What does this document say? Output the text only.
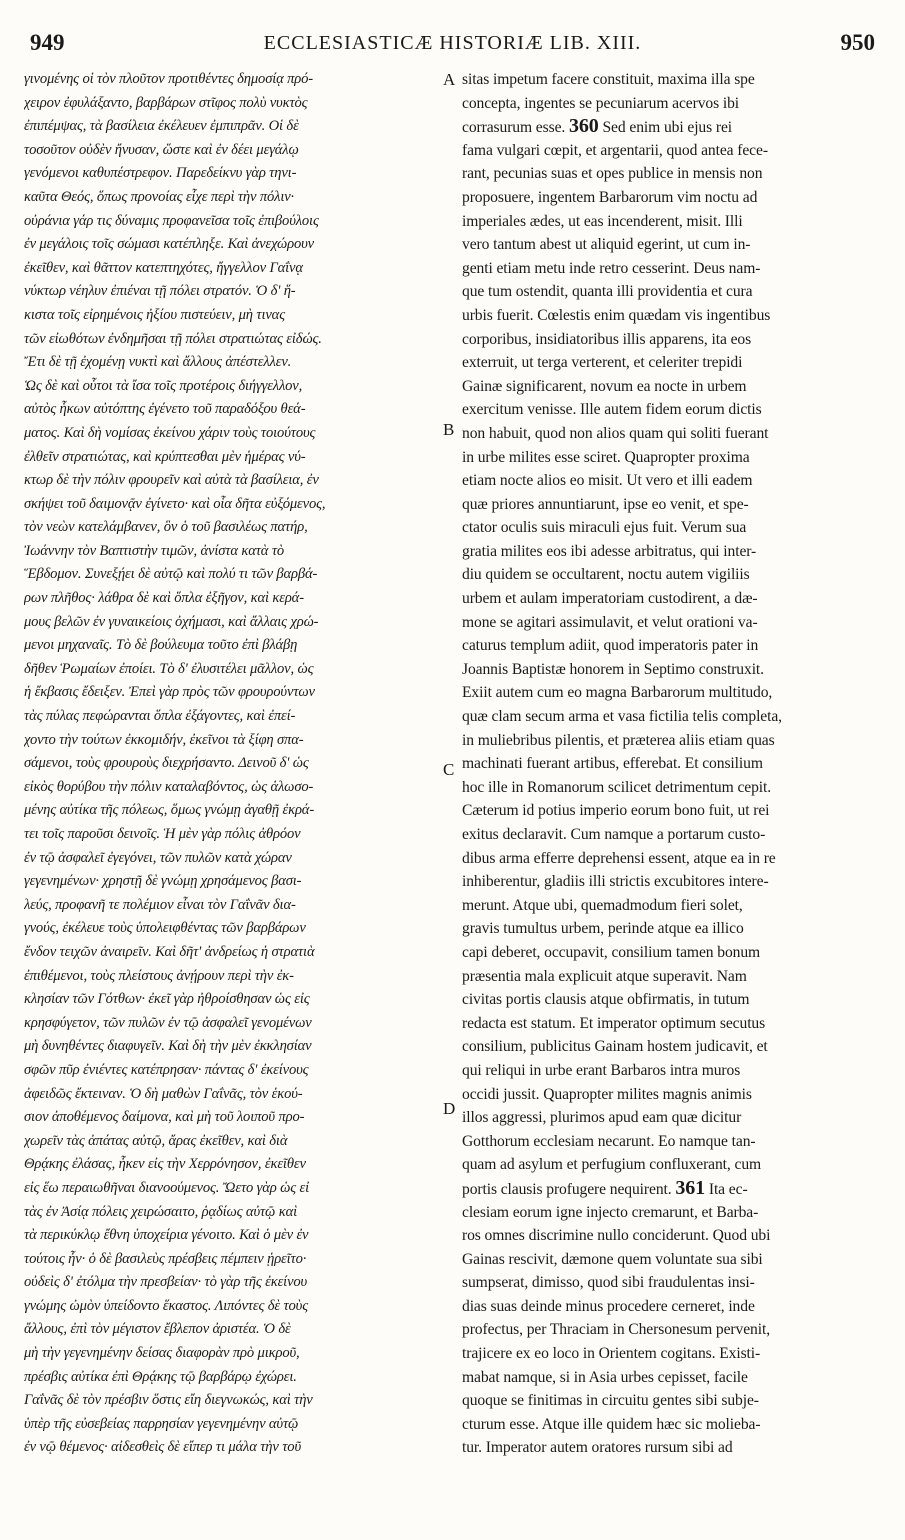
949	ECCLESIASTICÆ HISTORIÆ LIB. XIII.	950
γινομένης οἱ τὸν πλοῦτον προτιθέντες δημοσίᾳ πρό-
χειρον ἐφυλάξαντο, βαρβάρων στῖφος πολὺ νυκτὸς
ἐπιπέμψας, τὰ βασίλεια ἐκέλευεν ἐμπιπρᾶν. Οἱ δὲ
τοσοῦτον οὐδὲν ἤνυσαν, ὥστε καὶ ἐν δέει μεγάλῳ
γενόμενοι καθυπέστρεφον. Παρεδείκνυ γὰρ τηνι-
καῦτα Θεός, ὅπως προνοίας εἶχε περὶ τὴν πόλιν·
οὐράνια γάρ τις δύναμις προφανεῖσα τοῖς ἐπιβούλοις
ἐν μεγάλοις τοῖς σώμασι κατέπληξε. Καὶ ἀνεχώρουν
ἐκεῖθεν, καὶ θᾶττον κατεπτηχότες, ἤγγελλον Γαΐνᾳ
νύκτωρ νέηλυν ἐπιέναι τῇ πόλει στρατόν. Ὁ δ' ἥ-
κιστα τοῖς εἰρημένοις ἠξίου πιστεύειν, μὴ τινας
τῶν εἰωθότων ἐνδημῆσαι τῇ πόλει στρατιώτας εἰδώς.
Ἔτι δὲ τῇ ἐχομένῃ νυκτὶ καὶ ἄλλους ἀπέστελλεν.
Ὡς δὲ καὶ οὗτοι τὰ ἴσα τοῖς προτέροις διήγγελλον,
αὐτὸς ἧκων αὐτόπτης ἐγένετο τοῦ παραδόξου θεά-
ματος. Καὶ δὴ νομίσας ἐκείνου χάριν τοὺς τοιούτους
ἐλθεῖν στρατιώτας, καὶ κρύπτεσθαι μὲν ἡμέρας νύ-
κτωρ δὲ τὴν πόλιν φρουρεῖν καὶ αὐτὰ τὰ βασίλεια, ἐν
σκήψει τοῦ δαιμονᾷν ἐγίνετο· καὶ οἷα δῆτα εὐξόμενος,
τὸν νεὼν κατελάμβανεν, ὃν ὁ τοῦ βασιλέως πατήρ,
Ἰωάννην τὸν Βαπτιστὴν τιμῶν, ἀνίστα κατὰ τὸ
Ἕβδομον. Συνεξῄει δὲ αὐτῷ καὶ πολύ τι τῶν βαρβά-
ρων πλῆθος· λάθρα δὲ καὶ ὅπλα ἐξῆγον, καὶ κερά-
μους βελῶν ἐν γυναικείοις ὀχήμασι, καὶ ἄλλαις χρώ-
μενοι μηχαναῖς. Τὸ δὲ βούλευμα τοῦτο ἐπὶ βλάβῃ
δῆθεν Ῥωμαίων ἐποίει. Τὸ δ' ἐλυσιτέλει μᾶλλον, ὡς
ἡ ἔκβασις ἔδειξεν. Ἐπεὶ γὰρ πρὸς τῶν φρουρούντων
τὰς πύλας πεφώρανται ὅπλα ἐξάγοντες, καὶ ἐπεί-
χοντο τὴν τούτων ἐκκομιδήν, ἐκεῖνοι τὰ ξίφη σπα-
σάμενοι, τοὺς φρουροὺς διεχρήσαντο. Δεινοῦ δ' ὡς
εἰκὸς θορύβου τὴν πόλιν καταλαβόντος, ὡς ἁλωσο-
μένης αὐτίκα τῆς πόλεως, ὅμως γνώμῃ ἀγαθῇ ἐκρά-
τει τοῖς παροῦσι δεινοῖς. Ἡ μὲν γὰρ πόλις ἀθρόον
ἐν τῷ ἀσφαλεῖ ἐγεγόνει, τῶν πυλῶν κατὰ χώραν
γεγενημένων· χρηστῇ δὲ γνώμῃ χρησάμενος βασι-
λεύς, προφανῆ τε πολέμιον εἶναι τὸν Γαΐνᾶν δια-
γνούς, ἐκέλευε τοὺς ὑπολειφθέντας τῶν βαρβάρων
ἔνδον τειχῶν ἀναιρεῖν. Καὶ δῆτ' ἀνδρείως ἡ στρατιὰ
ἐπιθέμενοι, τοὺς πλείστους ἀνῄρουν περὶ τὴν ἐκ-
κλησίαν τῶν Γότθων· ἐκεῖ γὰρ ἠθροίσθησαν ὡς εἰς
κρησφύγετον, τῶν πυλῶν ἐν τῷ ἀσφαλεῖ γενομένων
μὴ δυνηθέντες διαφυγεῖν. Καὶ δὴ τὴν μὲν ἐκκλησίαν
σφῶν πῦρ ἐνιέντες κατέπρησαν· πάντας δ' ἐκείνους
ἀφειδῶς ἔκτειναν. Ὁ δὴ μαθὼν Γαΐνᾶς, τὸν ἑκού-
σιον ἀποθέμενος δαίμονα, καὶ μὴ τοῦ λοιποῦ προ-
χωρεῖν τὰς ἀπάτας αὐτῷ, ἄρας ἐκεῖθεν, καὶ διὰ
Θρᾴκης ἐλάσας, ἧκεν εἰς τὴν Χερρόνησον, ἐκεῖθεν
εἰς ἕω περαιωθῆναι διανοούμενος. Ὤετο γὰρ ὡς εἰ
τὰς ἐν Ἀσίᾳ πόλεις χειρώσαιτο, ῥᾳδίως αὐτῷ καὶ
τὰ περικύκλῳ ἔθνη ὑποχείρια γένοιτο. Καὶ ὁ μὲν ἐν
τούτοις ἦν· ὁ δὲ βασιλεὺς πρέσβεις πέμπειν ᾑρεῖτο·
οὐδεὶς δ' ἐτόλμα τὴν πρεσβείαν· τὸ γὰρ τῆς ἐκείνου
γνώμης ὠμὸν ὑπείδοντο ἕκαστος. Λιπόντες δὲ τοὺς
ἄλλους, ἐπὶ τὸν μέγιστον ἔβλεπον ἀριστέα. Ὁ δὲ
μὴ τὴν γεγενημένην δείσας διαφορὰν πρὸ μικροῦ,
πρέσβις αὐτίκα ἐπὶ Θρᾴκης τῷ βαρβάρῳ ἐχώρει.
Γαΐνᾶς δὲ τὸν πρέσβιν ὅστις εἴη διεγνωκώς, καὶ τὴν
ὑπὲρ τῆς εὐσεβείας παρρησίαν γεγενημένην αὐτῷ
ἐν νῷ θέμενος· αἰδεσθεὶς δὲ εἴπερ τι μάλα τὴν τοῦ
sitas impetum facere constituit, maxima illa spe
concepta, ingentes se pecuniarum acervos ibi
corrasurum esse. 360 Sed enim ubi ejus rei
fama vulgari cœpit, et argentarii, quod antea fece-
rant, pecunias suas et opes publice in mensis non
proposuere, ingentem Barbarorum vim noctu ad
imperiales ædes, ut eas incenderent, misit. Illi
vero tantum abest ut aliquid egerint, ut cum in-
genti etiam metu inde retro cesserint. Deus nam-
que tum ostendit, quanta illi providentia et cura
urbis fuerit. Cœlestis enim quædam vis ingentibus
corporibus, insidiatoribus illis apparens, ita eos
exterruit, ut terga verterent, et celeriter trepidi
Gainæ significarent, novum ea nocte in urbem
exercitum venisse. Ille autem fidem eorum dictis
non habuit, quod non alios quam qui soliti fuerant
in urbe milites esse sciret. Quapropter proxima
etiam nocte alios eo misit. Ut vero et illi eadem
quæ priores annuntiarunt, ipse eo venit, et spe-
ctator oculis suis miraculi ejus fuit. Verum sua
gratia milites eos ibi adesse arbitratus, qui inter-
diu quidem se occultarent, noctu autem vigiliis
urbem et aulam imperatoriam custodirent, a dæ-
mone se agitari assimulavit, et velut orationi va-
caturus templum adiit, quod imperatoris pater in
Joannis Baptistæ honorem in Septimo construxit.
Exiit autem cum eo magna Barbarorum multitudo,
quæ clam secum arma et vasa fictilia telis completa,
in muliebribus pilentis, et præterea aliis etiam quas
machinati fuerant artibus, efferebat. Et consilium
hoc ille in Romanorum scilicet detrimentum cepit.
Cæterum id potius imperio eorum bono fuit, ut rei
exitus declaravit. Cum namque a portarum custo-
dibus arma efferre deprehensi essent, atque ea in re
inhiberentur, gladiis illi strictis excubitores intere-
merunt. Atque ubi, quemadmodum fieri solet,
gravis tumultus urbem, perinde atque ea illico
capi deberet, occupavit, consilium tamen bonum
præsentia mala explicuit atque superavit. Nam
civitas portis clausis atque obfirmatis, in tutum
redacta est statum. Et imperator optimum secutus
consilium, publicitus Gainam hostem judicavit, et
qui reliqui in urbe erant Barbaros intra muros
occidi jussit. Quapropter milites magnis animis
illos aggressi, plurimos apud eam quæ dicitur
Gotthorum ecclesiam necarunt. Eo namque tan-
quam ad asylum et perfugium confluxerant, cum
portis clausis profugere nequirent. 361 Ita ec-
clesiam eorum igne injecto cremarunt, et Barba-
ros omnes discrimine nullo conciderunt. Quod ubi
Gainas rescivit, dæmone quem voluntate sua sibi
sumpserat, dimisso, quod sibi fraudulentas insi-
dias suas deinde minus procedere cerneret, inde
profectus, per Thraciam in Chersonesum pervenit,
trajicere ex eo loco in Orientem cogitans. Existi-
mabat namque, si in Asia urbes cepisset, facile
quoque se finitimas in circuitu gentes sibi subje-
cturum esse. Atque ille quidem hæc sic molieba-
tur. Imperator autem oratores rursum sibi ad
A
B
C
D
